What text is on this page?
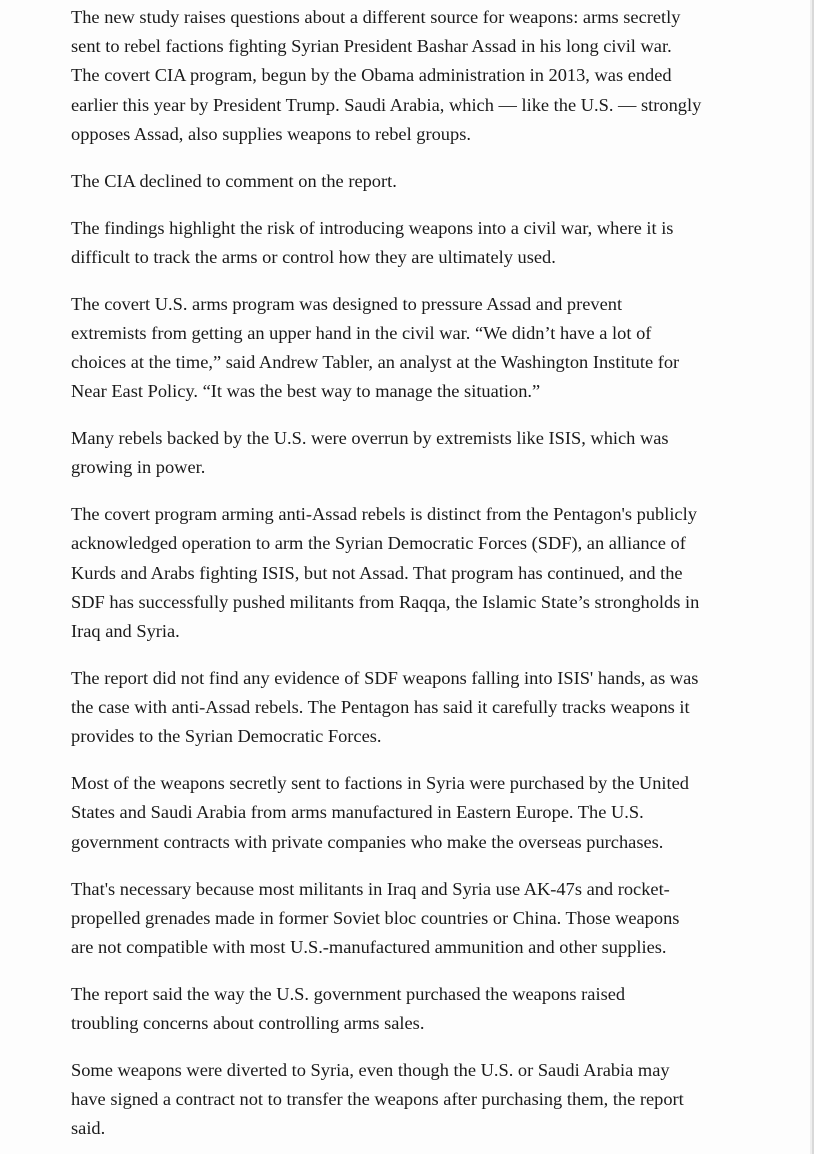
The new study raises questions about a different source for weapons: arms secretly
sent to rebel factions fighting Syrian President Bashar Assad in his long civil war.
The covert CIA program, begun by the Obama administration in 2013, was ended
earlier this year by President Trump. Saudi Arabia, which — like the U.S. — strongly
opposes Assad, also supplies weapons to rebel groups.

The CIA declined to comment on the report.

The findings highlight the risk of introducing weapons into a civil war, where it is
difficult to track the arms or control how they are ultimately used.

The covert U.S. arms program was designed to pressure Assad and prevent
extremists from getting an upper hand in the civil war. “We didn’t have a lot of
choices at the time,” said Andrew Tabler, an analyst at the Washington Institute for
Near East Policy. “It was the best way to manage the situation.”

Many rebels backed by the U.S. were overrun by extremists like ISIS, which was
growing in power.

The covert program arming anti-Assad rebels is distinct from the Pentagon's publicly
acknowledged operation to arm the Syrian Democratic Forces (SDF), an alliance of
Kurds and Arabs fighting ISIS, but not Assad. That program has continued, and the
SDF has successfully pushed militants from Raqqa, the Islamic State’s strongholds in
Iraq and Syria.

The report did not find any evidence of SDF weapons falling into ISIS' hands, as was
the case with anti-Assad rebels. The Pentagon has said it carefully tracks weapons it
provides to the Syrian Democratic Forces.

Most of the weapons secretly sent to factions in Syria were purchased by the United
States and Saudi Arabia from arms manufactured in Eastern Europe. The U.S.
government contracts with private companies who make the overseas purchases.

That's necessary because most militants in Iraq and Syria use AK-47s and rocket-
propelled grenades made in former Soviet bloc countries or China. Those weapons
are not compatible with most U.S.-manufactured ammunition and other supplies.

The report said the way the U.S. government purchased the weapons raised
troubling concerns about controlling arms sales.

Some weapons were diverted to Syria, even though the U.S. or Saudi Arabia may
have signed a contract not to transfer the weapons after purchasing them, the report
said.
